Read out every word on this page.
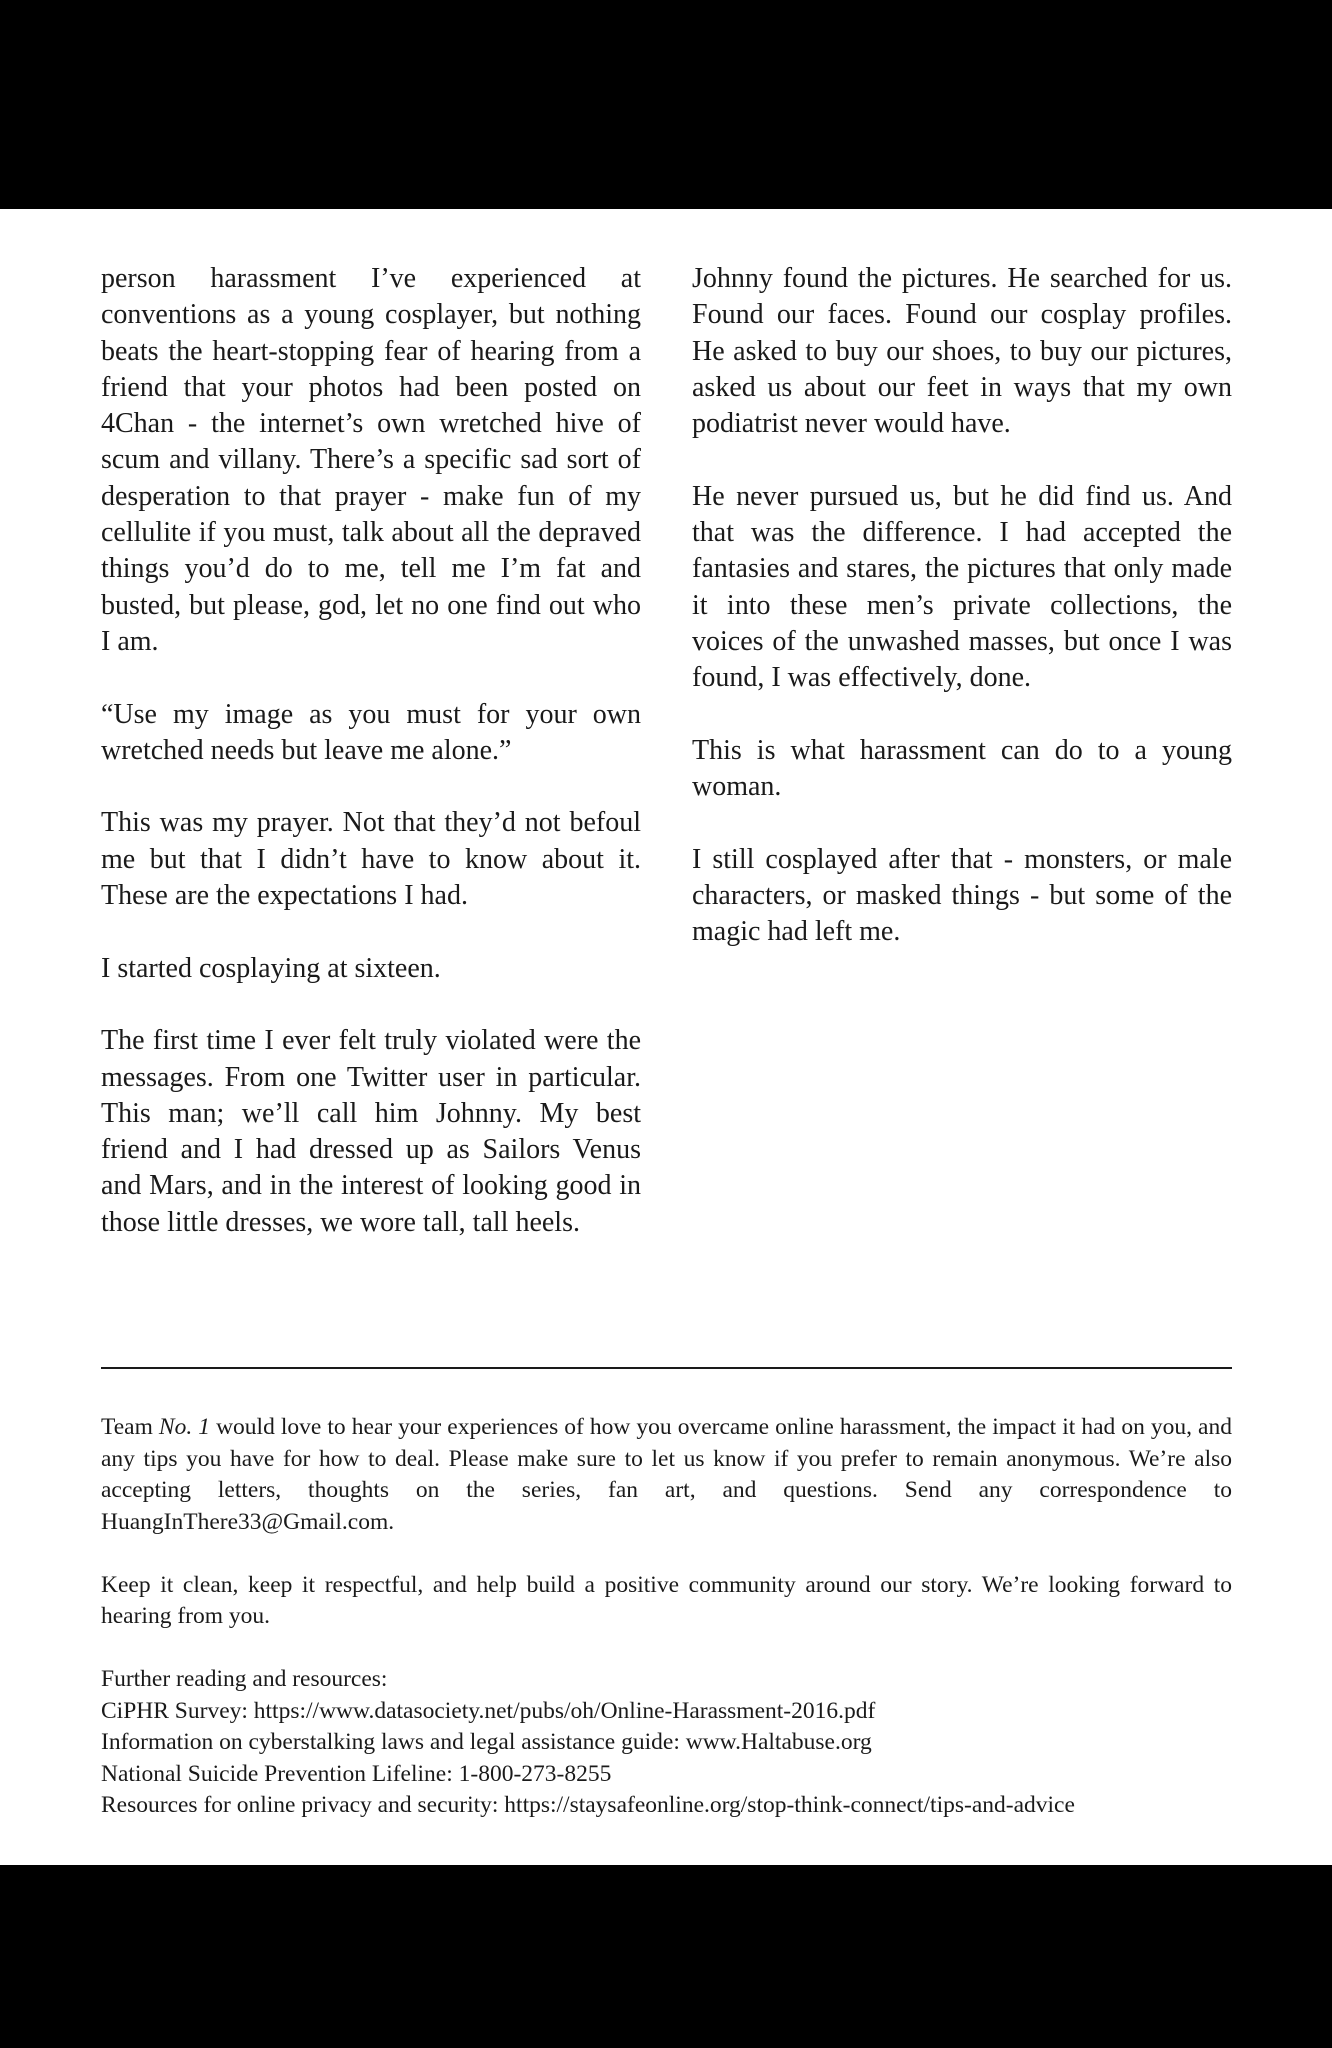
person harassment I’ve experienced at conventions as a young cosplayer, but nothing beats the heart-stopping fear of hearing from a friend that your photos had been posted on 4Chan - the internet’s own wretched hive of scum and villany. There’s a specific sad sort of desperation to that prayer - make fun of my cellulite if you must, talk about all the depraved things you’d do to me, tell me I’m fat and busted, but please, god, let no one find out who I am.

“Use my image as you must for your own wretched needs but leave me alone.”

This was my prayer. Not that they’d not befoul me but that I didn’t have to know about it. These are the expectations I had.

I started cosplaying at sixteen.

The first time I ever felt truly violated were the messages. From one Twitter user in particular. This man; we’ll call him Johnny. My best friend and I had dressed up as Sailors Venus and Mars, and in the interest of looking good in those little dresses, we wore tall, tall heels.

Johnny found the pictures. He searched for us. Found our faces. Found our cosplay profiles. He asked to buy our shoes, to buy our pictures, asked us about our feet in ways that my own podiatrist never would have.

He never pursued us, but he did find us. And that was the difference. I had accepted the fantasies and stares, the pictures that only made it into these men’s private collections, the voices of the unwashed masses, but once I was found, I was effectively, done.

This is what harassment can do to a young woman.

I still cosplayed after that - monsters, or male characters, or masked things - but some of the magic had left me.

Team No. 1 would love to hear your experiences of how you overcame online harassment, the impact it had on you, and any tips you have for how to deal. Please make sure to let us know if you prefer to remain anonymous. We’re also accepting letters, thoughts on the series, fan art, and questions. Send any correspondence to HuangInThere33@Gmail.com.

Keep it clean, keep it respectful, and help build a positive community around our story. We’re looking forward to hearing from you.

Further reading and resources:
CiPHR Survey: https://www.datasociety.net/pubs/oh/Online-Harassment-2016.pdf
Information on cyberstalking laws and legal assistance guide: www.Haltabuse.org
National Suicide Prevention Lifeline: 1-800-273-8255
Resources for online privacy and security: https://staysafeonline.org/stop-think-connect/tips-and-advice
